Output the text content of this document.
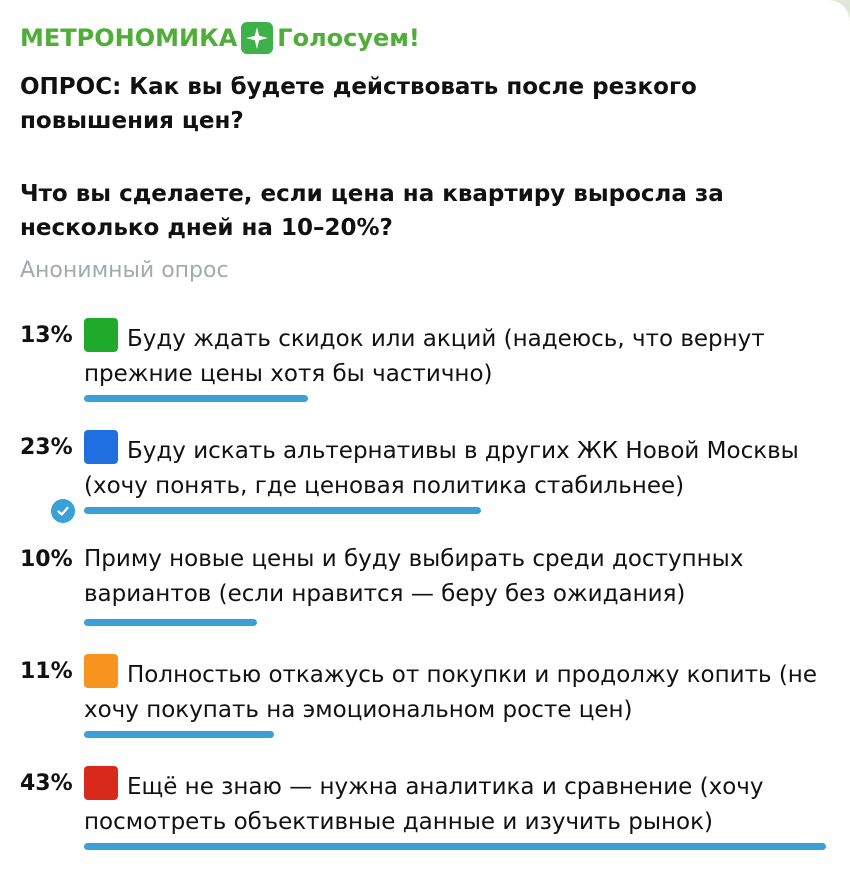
МЕТРОНОМИКА Голосуем!
ОПРОС: Как вы будете действовать после резкого повышения цен?
Что вы сделаете, если цена на квартиру выросла за несколько дней на 10–20%?
Анонимный опрос
13%	Буду ждать скидок или акций (надеюсь, что вернут прежние цены хотя бы частично)
23%	Буду искать альтернативы в других ЖК Новой Москвы (хочу понять, где ценовая политика стабильнее)
10% Приму новые цены и буду выбирать среди доступных вариантов (если нравится — беру без ожидания)
11%	Полностью откажусь от покупки и продолжу копить (не хочу покупать на эмоциональном росте цен)
43%	Ещё не знаю — нужна аналитика и сравнение (хочу посмотреть объективные данные и изучить рынок)
